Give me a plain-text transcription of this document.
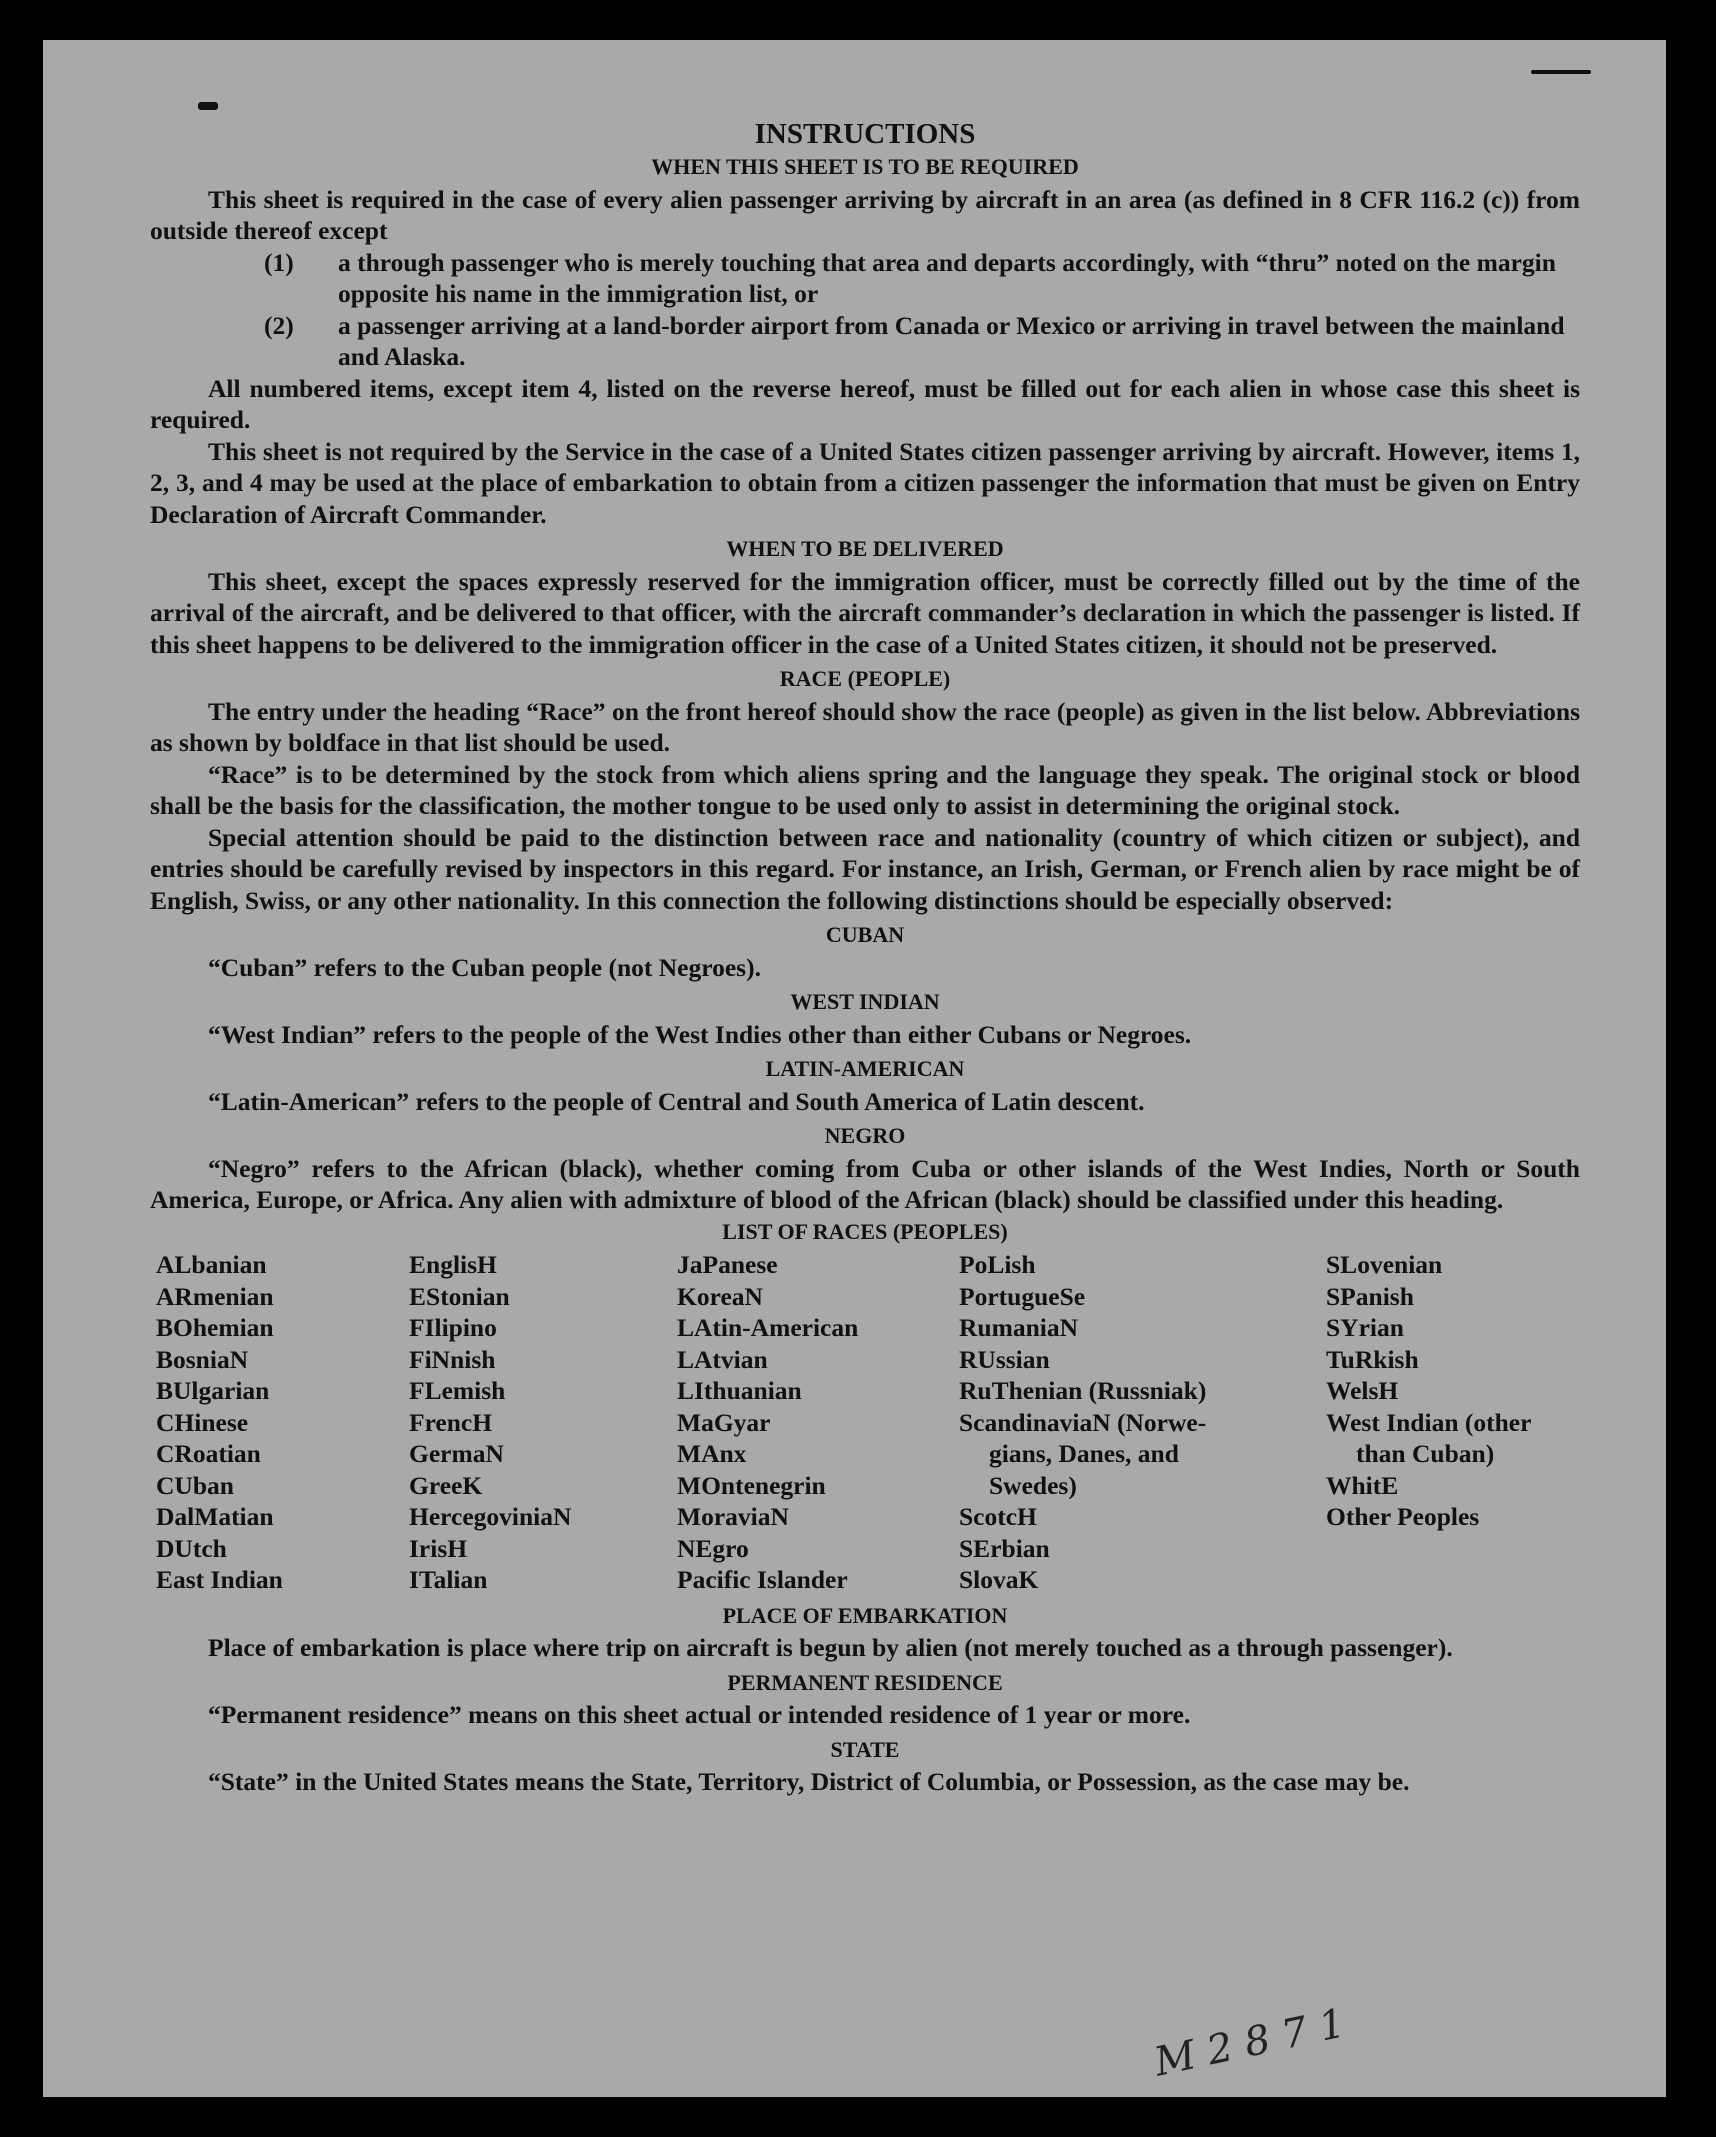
INSTRUCTIONS

WHEN THIS SHEET IS TO BE REQUIRED

This sheet is required in the case of every alien passenger arriving by aircraft in an area (as defined in 8 CFR 116.2 (c)) from outside thereof except

(1)	a through passenger who is merely touching that area and departs accordingly, with “thru” noted on the margin opposite his name in the immigration list, or
(2)	a passenger arriving at a land-border airport from Canada or Mexico or arriving in travel between the mainland and Alaska.

All numbered items, except item 4, listed on the reverse hereof, must be filled out for each alien in whose case this sheet is required.

This sheet is not required by the Service in the case of a United States citizen passenger arriving by aircraft. However, items 1, 2, 3, and 4 may be used at the place of embarkation to obtain from a citizen passenger the information that must be given on Entry Declaration of Aircraft Commander.

WHEN TO BE DELIVERED

This sheet, except the spaces expressly reserved for the immigration officer, must be correctly filled out by the time of the arrival of the aircraft, and be delivered to that officer, with the aircraft commander’s declaration in which the passenger is listed. If this sheet happens to be delivered to the immigration officer in the case of a United States citizen, it should not be preserved.

RACE (PEOPLE)

The entry under the heading “Race” on the front hereof should show the race (people) as given in the list below. Abbreviations as shown by boldface in that list should be used.

“Race” is to be determined by the stock from which aliens spring and the language they speak. The original stock or blood shall be the basis for the classification, the mother tongue to be used only to assist in determining the original stock.

Special attention should be paid to the distinction between race and nationality (country of which citizen or subject), and entries should be carefully revised by inspectors in this regard. For instance, an Irish, German, or French alien by race might be of English, Swiss, or any other nationality. In this connection the following distinctions should be especially observed:

CUBAN

“Cuban” refers to the Cuban people (not Negroes).

WEST INDIAN

“West Indian” refers to the people of the West Indies other than either Cubans or Negroes.

LATIN-AMERICAN

“Latin-American” refers to the people of Central and South America of Latin descent.

NEGRO

“Negro” refers to the African (black), whether coming from Cuba or other islands of the West Indies, North or South America, Europe, or Africa. Any alien with admixture of blood of the African (black) should be classified under this heading.

LIST OF RACES (PEOPLES)

ALbanian
ARmenian
BOhemian
BosniaN
BUlgarian
CHinese
CRoatian
CUban
DalMatian
DUtch
East Indian
EnglisH
EStonian
FIlipino
FiNnish
FLemish
FrencH
GermaN
GreeK
HercegoviniaN
IrisH
ITalian
JaPanese
KoreaN
LAtin-American
LAtvian
LIthuanian
MaGyar
MAnx
MOntenegrin
MoraviaN
NEgro
Pacific Islander
PoLish
PortugueSe
RumaniaN
RUssian
RuThenian (Russniak)
ScandinaviaN (Norwe-
gians, Danes, and
Swedes)
ScotcH
SErbian
SlovaK
SLovenian
SPanish
SYrian
TuRkish
WelsH
West Indian (other
than Cuban)
WhitE
Other Peoples

PLACE OF EMBARKATION

Place of embarkation is place where trip on aircraft is begun by alien (not merely touched as a through passenger).

PERMANENT RESIDENCE

“Permanent residence” means on this sheet actual or intended residence of 1 year or more.

STATE

“State” in the United States means the State, Territory, District of Columbia, or Possession, as the case may be.

M 2 8 7 1
